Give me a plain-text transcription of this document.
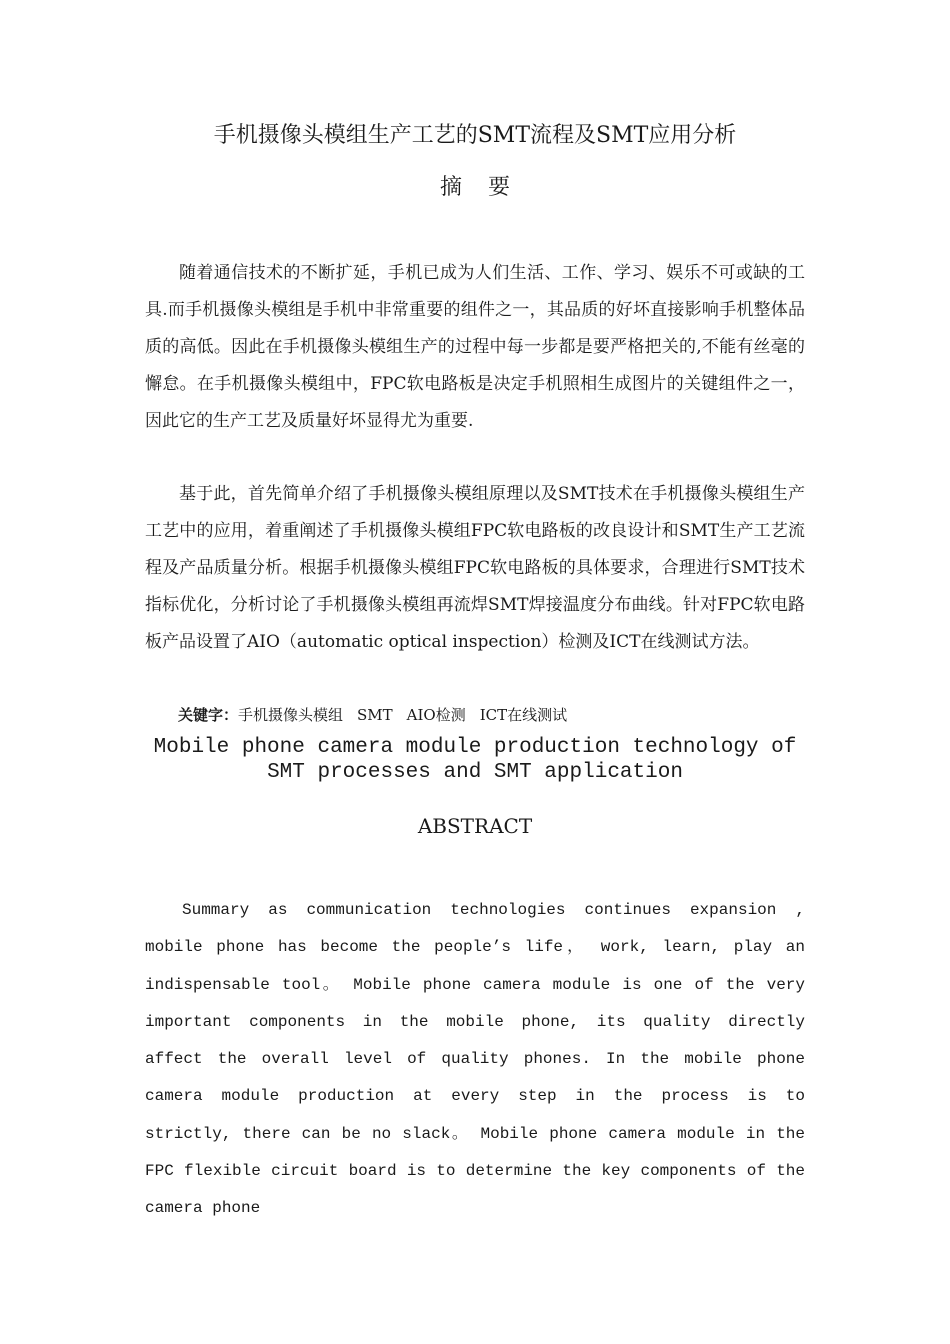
手机摄像头模组生产工艺的SMT流程及SMT应用分析
摘要

随着通信技术的不断扩延，手机已成为人们生活、工作、学习、娱乐不可或缺的工具.而手机摄像头模组是手机中非常重要的组件之一，其品质的好坏直接影响手机整体品质的高低。因此在手机摄像头模组生产的过程中每一步都是要严格把关的,不能有丝毫的懈怠。在手机摄像头模组中，FPC软电路板是决定手机照相生成图片的关键组件之一，因此它的生产工艺及质量好坏显得尤为重要.

基于此，首先简单介绍了手机摄像头模组原理以及SMT技术在手机摄像头模组生产工艺中的应用，着重阐述了手机摄像头模组FPC软电路板的改良设计和SMT生产工艺流程及产品质量分析。根据手机摄像头模组FPC软电路板的具体要求，合理进行SMT技术指标优化，分析讨论了手机摄像头模组再流焊SMT焊接温度分布曲线。针对FPC软电路板产品设置了AIO（automatic optical inspection）检测及ICT在线测试方法。

关键字：手机摄像头模组 SMT AIO检测 ICT在线测试
Mobile phone camera module production technology of SMT processes and SMT application
ABSTRACT

Summary as communication technologies continues expansion , mobile phone has become the people’s life， work, learn, play an indispensable tool。 Mobile phone camera module is one of the very important components in the mobile phone, its quality directly affect the overall level of quality phones. In the mobile phone camera module production at every step in the process is to strictly, there can be no slack。 Mobile phone camera module in the FPC flexible circuit board is to determine the key components of the camera phone
